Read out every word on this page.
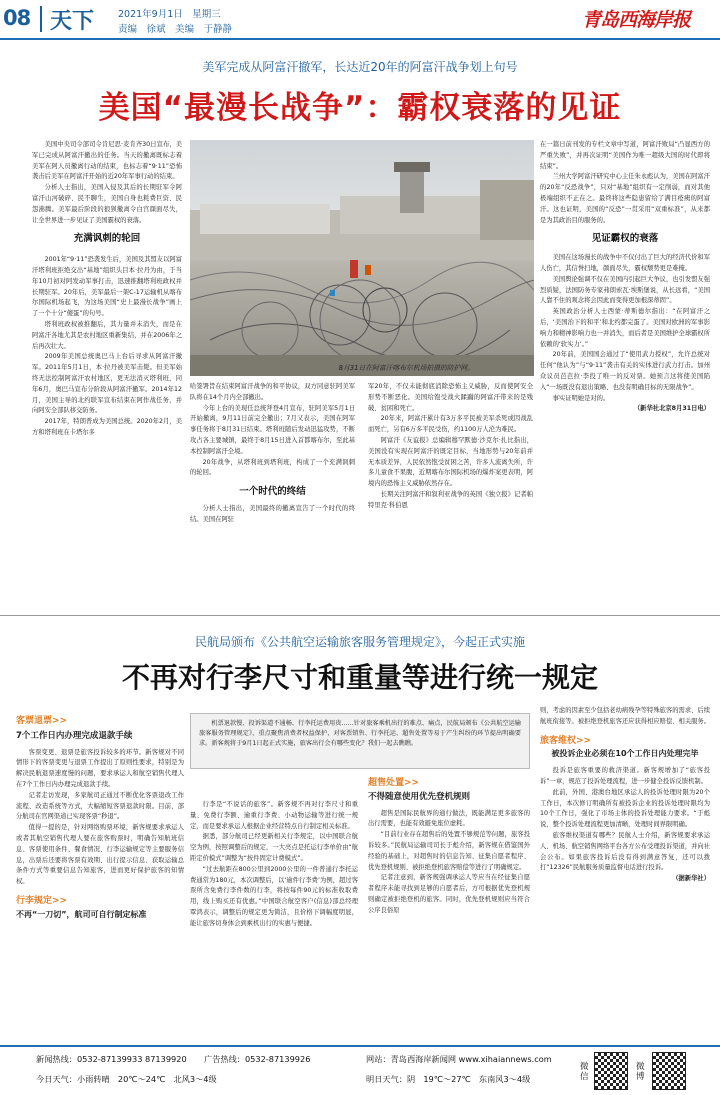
08 天下	2021年9月1日　 星期三
责编　徐斌　美编　于静静	青岛西海岸报
美军完成从阿富汗撤军，长达近20年的阿富汗战争划上句号
美国“最漫长战争”：霸权衰落的见证

美国中央司令部司令肯尼思·麦肯齐30日宣布，美军已完成从阿富汗撤出的任务。当天的撤离既标志着美军在阿人员撤离行动的结束，也标志着“9·11”恐怖袭击后美军在阿富汗开始的近20年军事行动的结束。

分析人士指出，美国入侵及其后的长期驻军令阿富汗山河破碎、民不聊生，美国自身也耗费巨资、民怨沸腾。美军最后阶段的狼狈撤离令白宫颜面尽失，让全世界进一步见证了美国霸权的衰落。

充满讽刺的轮回

2001年“9·11”恐袭发生后，美国及其盟友以阿富汗塔利班拒绝交出“基地”组织头目本·拉丹为由，于当年10月初对阿发动军事打击，迅速推翻塔利班政权并长期驻军。20年后，美军最后一架C-17运输机从喀布尔国际机场起飞，为这场美国“史上最漫长战争”画上了一个十分“傻蛋”的句号。

塔利班政权被推翻后，其力量并未消失，而是在阿富汗各地尤其是农村地区重新集结，并在2006年之后再次壮大。

2009年美国总统奥巴马上台后寻求从阿富汗撤军。2011年5月1日，本·拉丹被美军击毙。但美军始终无法控制阿富汗农村地区，更无法消灭塔利班，同年6月，奥巴马宣布分阶段从阿富汗撤军。2014年12月，美国主导的北约联军宣布结束在阿作战任务，并向阿安全部队移交防务。

2017年，特朗普成为美国总统。2020年2月，美方和塔利班在卡塔尔多

8月31日在阿富汗喀布尔机场拍摄的防护网。

哈签署旨在结束阿富汗战争的和平协议，双方同意驻阿美军队将在14个月内全部撤出。

今年上台的美现任总统拜登4月宣布，驻阿美军5月1日开始撤离，9月11日前完全撤出；7月又表示，美国在阿军事任务将于8月31日结束。塔利班随后发动迅猛攻势，不断攻占各主要城镇，最终于8月15日进入首都喀布尔，至此基本控制阿富汗全境。

20年战争，从塔利班到塔利班，构成了一个充满讽刺的轮回。

一个时代的终结

分析人士指出，美国最终的撤离宣告了一个时代的终结。美国在阿驻

军20年，不仅未能彻底消除恐怖主义威胁，反而使阿安全形势不断恶化。美国给饱受战火蹂躏的阿富汗带来的是残破、贫困和死亡。

20年来，阿富汗累计有3万多平民被美军杀死或因战乱而死亡，另有6万多平民受伤，约1100万人沦为难民。

阿富汗《友谊报》总编辑穆罕默德·沙克尔·扎比指出，美国没有实现在阿富汗的既定目标，当地形势与20年前并无本质差异，人民依然饱受贫困之苦，许多人流离失所，许多儿童食不果腹，近期喀布尔国际机场的爆炸案更表明，阿境内的恐怖主义威胁依然存在。

长期关注阿富汗和叙利亚战争的英国《独立报》记者帕特里克·科伯恩

在一篇日前刊发的专栏文章中写道，阿富汗败局“凸显西方的严重失败”，并再次证明“美国作为唯一超级大国的时代即将结束”。

兰州大学阿富汗研究中心主任朱永彪认为，美国在阿富汗的20年“反恐战争”，只对“基地”组织有一定削弱，而对其他极端组织不正在之。最终将这些隐患留给了满目疮痍的阿富汗。这也证明，美国的“反恐”一贯采用“双重标准”，从来都是为其政治目的服务的。

见证霸权的衰落

美国在这场漫长的战争中不仅付出了巨大的经济代价和军人伤亡，其信誉扫地，颜面尽失，霸权颓势更是难掩。

美国舆论强调不仅在美国内引起巨大争议，也引发盟友强烈质疑，法国防务专家弗朗索瓦·埃斯堡说，从长远看，“美国人靠不住的观念将会因此而变得更加根深蒂固”。

英国政治分析人士西蒙·蒂斯德尔指出：“在阿富汗之后，‘美国治下的和平’和北约都完蛋了。美国对欧洲的军事影响力和精神影响力也一并消失，而后者是美国维护全球霸权所依赖的‘软实力’。”

20年前，美国国会通过了“使用武力授权”，允许总统对任何“他认为”与“9·11”袭击有关的实体进行武力打击。加州众议员芭芭拉·李投了唯一的反对票。她预言这将使美国陷入“一场既没有退出策略、也没有明确目标的无限战争”。

事实证明她是对的。

（新华社北京8月31日电）
民航局颁布《公共航空运输旅客服务管理规定》，今起正式实施
不再对行李尺寸和重量等进行统一规定
机票退款慢、投诉渠道不通畅、行李托运费用贵……针对旅客乘机出行的难点、痛点，民航局颁布《公共航空运输旅客服务管理规定》，重点聚焦消费者权益保护，对客票销售、行李托运、超售处置等易于产生纠纷的环节提出明确要求。新客规将于9月1日起正式实施，旅客出行会有哪些变化？我们一起去瞧瞧。
客票退票>>
7个工作日内办理完成退款手续

客票变更、退票是旅客投诉较多的环节。新客规对不同情形下的客票变更与退票工作提出了原则性要求，特别是为解决民航退票速度慢的问题，要求承运人和航空销售代理人在7个工作日内办理完成退款手续。

记者走访发现，多家航司正通过不断优化客票退改工作流程、改造系统等方式，大幅缩短客票退款时限。目前，部分航司在官网渠道已实现客票“秒退”。

值得一提的是，针对网络购票环境，新客规要求承运人或者其航空销售代理人要在旅客购票时，明确告知航班信息、客票使用条件、餐食情况、行李运输规定等主要服务信息，出票后还要将客票有效期、出行提示信息、获取运输总条件方式等重要信息告知旅客，进而更好保护旅客的知情权。

行李规定>>
不再“一刀切”，航司可自行制定标准

行李是“不说话的旅客”。新客规不再对行李尺寸和重量、免费行李额、逾重行李费、小动物运输等进行统一规定，而是要求承运人根据企业经营特点自行制定相关标准。

据悉，部分航司已经更新相关行李规定，以中国联合航空为例，按照调整后的规定，一大亮点是托运行李单价由“航距定价模式”调整为“按件固定计费模式”。

“过去航距在800公里到2000公里的一件普通行李托运费通常为180元，本次调整后，以‘逾件行李费’为例，超过客票所含免费行李件数的行李，将按每件90元的标准收取费用，线上购买还有优惠。”中国联合航空客户(信息)部总经理覃鸿表示，调整后的规定更为简洁，且价格下调幅度明显，能让旅客切身体会到乘机出行的实惠与便捷。

超售处置>>
不得随意使用优先登机规则

超售是国际民航界的通行做法，既能满足更多旅客的出行需要，也能有效避免座位虚耗。

“目前行业存在超售后的处置不够规范等问题，旅客投诉较多。”民航局运输司司长于彪介绍，新客规在借鉴国外经验的基础上，对超售时的信息告知、征集自愿者程序、优先登机规则、被拒绝登机旅客赔偿等进行了明确规定。

记者注意到，新客规强调承运人等应当在经征集自愿者程序未能寻找到足够的自愿者后，方可根据优先登机规则确定被拒绝登机的旅客。同时，优先登机规则应当符合公序良俗原

则，考虑的因素至少包括老幼病残孕等特殊旅客的需求、后续航班衔接等。被拒绝登机旅客还应获得相应赔偿、相关服务。

旅客维权>>
被投诉企业必须在10个工作日内处理完毕

投诉是旅客重要的救济渠道。新客规增加了“旅客投诉”一章，规范了投诉处理流程，进一步健全投诉反馈机制。

此前，外国、港澳台地区承运人的投诉处理时限为20个工作日，本次修订明确所有被投诉企业的投诉处理时限均为10个工作日，强化了市场主体的投诉处理能力要求。“于彪说，整个投诉处理流程更加清晰，处理时间界限明确。

旅客维权渠道有哪些？民航人士介绍，新客规要求承运人、机场、航空销售网络平台各方公布受理投诉渠道，并向社会公布。如果旅客投诉后没有得到满意答复，还可以拨打“12326”民航服务质量监督电话进行投诉。

（据新华社）
新闻热线：0532-87139933 87139920 广告热线：0532-87139926	网站：青岛西海岸新闻网 www.xihaiannews.com
今日天气：小雨转晴　20℃～24℃　北风3～4级	明日天气：阴　19℃～27℃　东南风3～4级
微信
微博
